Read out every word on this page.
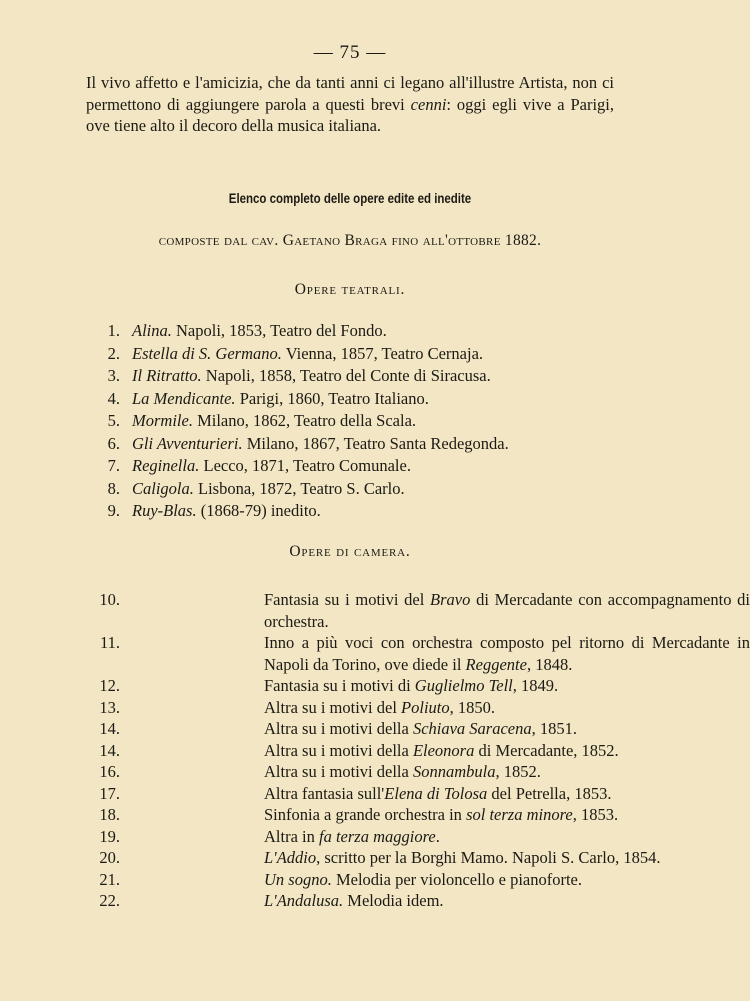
— 75 —

Il vivo affetto e l'amicizia, che da tanti anni ci legano all'illustre Artista, non ci permettono di aggiungere parola a questi brevi cenni: oggi egli vive a Parigi, ove tiene alto il decoro della musica italiana.

Elenco completo delle opere edite ed inedite
composte dal cav. Gaetano Braga fino all'ottobre 1882.
Opere teatrali.
1. Alina. Napoli, 1853, Teatro del Fondo.
2. Estella di S. Germano. Vienna, 1857, Teatro Cernaja.
3. Il Ritratto. Napoli, 1858, Teatro del Conte di Siracusa.
4. La Mendicante. Parigi, 1860, Teatro Italiano.
5. Mormile. Milano, 1862, Teatro della Scala.
6. Gli Avventurieri. Milano, 1867, Teatro Santa Redegonda.
7. Reginella. Lecco, 1871, Teatro Comunale.
8. Caligola. Lisbona, 1872, Teatro S. Carlo.
9. Ruy-Blas. (1868-79) inedito.
Opere di camera.
10.	Fantasia su i motivi del Bravo di Mercadante con accompagnamento di orchestra.
11.	Inno a più voci con orchestra composto pel ritorno di Mercadante in Napoli da Torino, ove diede il Reggente, 1848.
12.	Fantasia su i motivi di Guglielmo Tell, 1849.
13.	Altra su i motivi del Poliuto, 1850.
14.	Altra su i motivi della Schiava Saracena, 1851.
14.	Altra su i motivi della Eleonora di Mercadante, 1852.
16.	Altra su i motivi della Sonnambula, 1852.
17.	Altra fantasia sull'Elena di Tolosa del Petrella, 1853.
18.	Sinfonia a grande orchestra in sol terza minore, 1853.
19.	Altra in fa terza maggiore.
20.	L'Addio, scritto per la Borghi Mamo. Napoli S. Carlo, 1854.
21.	Un sogno. Melodia per violoncello e pianoforte.
22.	L'Andalusa. Melodia idem.
